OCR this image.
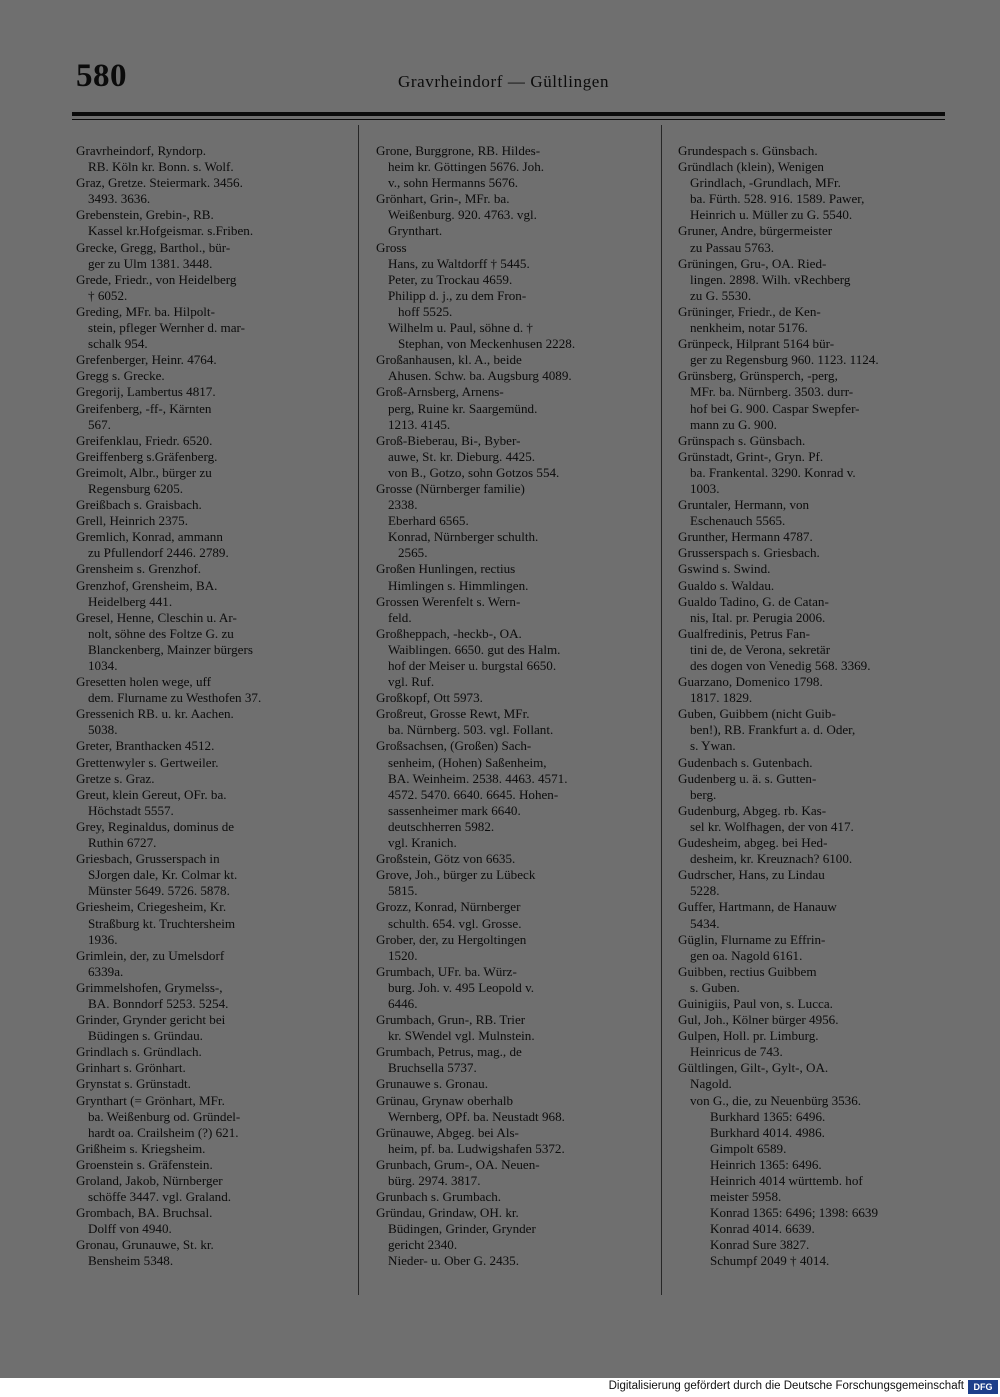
580	Gravrheindorf — Gültlingen
Gravrheindorf, Ryndorp.
RB. Köln kr. Bonn. s. Wolf.
Graz, Gretze. Steiermark. 3456.
3493. 3636.
Grebenstein, Grebin-, RB.
Kassel kr.Hofgeismar. s.Friben.
Grecke, Gregg, Barthol., bür-
ger zu Ulm 1381. 3448.
Grede, Friedr., von Heidelberg
† 6052.
Greding, MFr. ba. Hilpolt-
stein, pfleger Wernher d. mar-
schalk 954.
Grefenberger, Heinr. 4764.
Gregg s. Grecke.
Gregorij, Lambertus 4817.
Greifenberg, -ff-, Kärnten
567.
Greifenklau, Friedr. 6520.
Greiffenberg s.Gräfenberg.
Greimolt, Albr., bürger zu
Regensburg 6205.
Greißbach s. Graisbach.
Grell, Heinrich 2375.
Gremlich, Konrad, ammann
zu Pfullendorf 2446. 2789.
Grensheim s. Grenzhof.
Grenzhof, Grensheim, BA.
Heidelberg 441.
Gresel, Henne, Cleschin u. Ar-
nolt, söhne des Foltze G. zu
Blanckenberg, Mainzer bürgers
1034.
Gresetten holen wege, uff
dem. Flurname zu Westhofen 37.
Gressenich RB. u. kr. Aachen.
5038.
Greter, Branthacken 4512.
Grettenwyler s. Gertweiler.
Gretze s. Graz.
Greut, klein Gereut, OFr. ba.
Höchstadt 5557.
Grey, Reginaldus, dominus de
Ruthin 6727.
Griesbach, Grusserspach in
SJorgen dale, Kr. Colmar kt.
Münster 5649. 5726. 5878.
Griesheim, Criegesheim, Kr.
Straßburg kt. Truchtersheim
1936.
Grimlein, der, zu Umelsdorf
6339a.
Grimmelshofen, Grymelss-,
BA. Bonndorf 5253. 5254.
Grinder, Grynder gericht bei
Büdingen s. Gründau.
Grindlach s. Gründlach.
Grinhart s. Grönhart.
Grynstat s. Grünstadt.
Grynthart (= Grönhart, MFr.
ba. Weißenburg od. Gründel-
hardt oa. Crailsheim (?) 621.
Grißheim s. Kriegsheim.
Groenstein s. Gräfenstein.
Groland, Jakob, Nürnberger
schöffe 3447. vgl. Graland.
Grombach, BA. Bruchsal.
Dolff von 4940.
Gronau, Grunauwe, St. kr.
Bensheim 5348.
Grone, Burggrone, RB. Hildes-
heim kr. Göttingen 5676. Joh.
v., sohn Hermanns 5676.
Grönhart, Grin-, MFr. ba.
Weißenburg. 920. 4763. vgl.
Grynthart.
Gross
Hans, zu Waltdorff † 5445.
Peter, zu Trockau 4659.
Philipp d. j., zu dem Fron-
hoff 5525.
Wilhelm u. Paul, söhne d. †
Stephan, von Meckenhusen 2228.
Großanhausen, kl. A., beide
Ahusen. Schw. ba. Augsburg 4089.
Groß-Arnsberg, Arnens-
perg, Ruine kr. Saargemünd.
1213. 4145.
Groß-Bieberau, Bi-, Byber-
auwe, St. kr. Dieburg. 4425.
von B., Gotzo, sohn Gotzos 554.
Grosse (Nürnberger familie)
2338.
Eberhard 6565.
Konrad, Nürnberger schulth.
2565.
Großen Hunlingen, rectius
Himlingen s. Himmlingen.
Grossen Werenfelt s. Wern-
feld.
Großheppach, -heckb-, OA.
Waiblingen. 6650. gut des Halm.
hof der Meiser u. burgstal 6650.
vgl. Ruf.
Großkopf, Ott 5973.
Großreut, Grosse Rewt, MFr.
ba. Nürnberg. 503. vgl. Follant.
Großsachsen, (Großen) Sach-
senheim, (Hohen) Saßenheim,
BA. Weinheim. 2538. 4463. 4571.
4572. 5470. 6640. 6645. Hohen-
sassenheimer mark 6640.
deutschherren 5982.
vgl. Kranich.
Großstein, Götz von 6635.
Grove, Joh., bürger zu Lübeck
5815.
Grozz, Konrad, Nürnberger
schulth. 654. vgl. Grosse.
Grober, der, zu Hergoltingen
1520.
Grumbach, UFr. ba. Würz-
burg. Joh. v. 495 Leopold v.
6446.
Grumbach, Grun-, RB. Trier
kr. SWendel vgl. Mulnstein.
Grumbach, Petrus, mag., de
Bruchsella 5737.
Grunauwe s. Gronau.
Grünau, Grynaw oberhalb
Wernberg, OPf. ba. Neustadt 968.
Grünauwe, Abgeg. bei Als-
heim, pf. ba. Ludwigshafen 5372.
Grunbach, Grum-, OA. Neuen-
bürg. 2974. 3817.
Grunbach s. Grumbach.
Gründau, Grindaw, OH. kr.
Büdingen, Grinder, Grynder
gericht 2340.
Nieder- u. Ober G. 2435.
Grundespach s. Günsbach.
Gründlach (klein), Wenigen
Grindlach, -Grundlach, MFr.
ba. Fürth. 528. 916. 1589. Pawer,
Heinrich u. Müller zu G. 5540.
Gruner, Andre, bürgermeister
zu Passau 5763.
Grüningen, Gru-, OA. Ried-
lingen. 2898. Wilh. vRechberg
zu G. 5530.
Grüninger, Friedr., de Ken-
nenkheim, notar 5176.
Grünpeck, Hilprant 5164 bür-
ger zu Regensburg 960. 1123. 1124.
Grünsberg, Grünsperch, -perg,
MFr. ba. Nürnberg. 3503. durr-
hof bei G. 900. Caspar Swepfer-
mann zu G. 900.
Grünspach s. Günsbach.
Grünstadt, Grint-, Gryn. Pf.
ba. Frankental. 3290. Konrad v.
1003.
Gruntaler, Hermann, von
Eschenauch 5565.
Grunther, Hermann 4787.
Grusserspach s. Griesbach.
Gswind s. Swind.
Gualdo s. Waldau.
Gualdo Tadino, G. de Catan-
nis, Ital. pr. Perugia 2006.
Gualfredinis, Petrus Fan-
tini de, de Verona, sekretär
des dogen von Venedig 568. 3369.
Guarzano, Domenico 1798.
1817. 1829.
Guben, Guibbem (nicht Guib-
ben!), RB. Frankfurt a. d. Oder,
s. Ywan.
Gudenbach s. Gutenbach.
Gudenberg u. ä. s. Gutten-
berg.
Gudenburg, Abgeg. rb. Kas-
sel kr. Wolfhagen, der von 417.
Gudesheim, abgeg. bei Hed-
desheim, kr. Kreuznach? 6100.
Gudrscher, Hans, zu Lindau
5228.
Guffer, Hartmann, de Hanauw
5434.
Güglin, Flurname zu Effrin-
gen oa. Nagold 6161.
Guibben, rectius Guibbem
s. Guben.
Guinigiis, Paul von, s. Lucca.
Gul, Joh., Kölner bürger 4956.
Gulpen, Holl. pr. Limburg.
Heinricus de 743.
Gültlingen, Gilt-, Gylt-, OA.
Nagold.
von G., die, zu Neuenbürg 3536.
Burkhard 1365: 6496.
Burkhard 4014. 4986.
Gimpolt 6589.
Heinrich 1365: 6496.
Heinrich 4014 württemb. hof
meister 5958.
Konrad 1365: 6496; 1398: 6639
Konrad 4014. 6639.
Konrad Sure 3827.
Schumpf 2049 † 4014.
Digitalisierung gefördert durch die Deutsche Forschungsgemeinschaft	DFG
